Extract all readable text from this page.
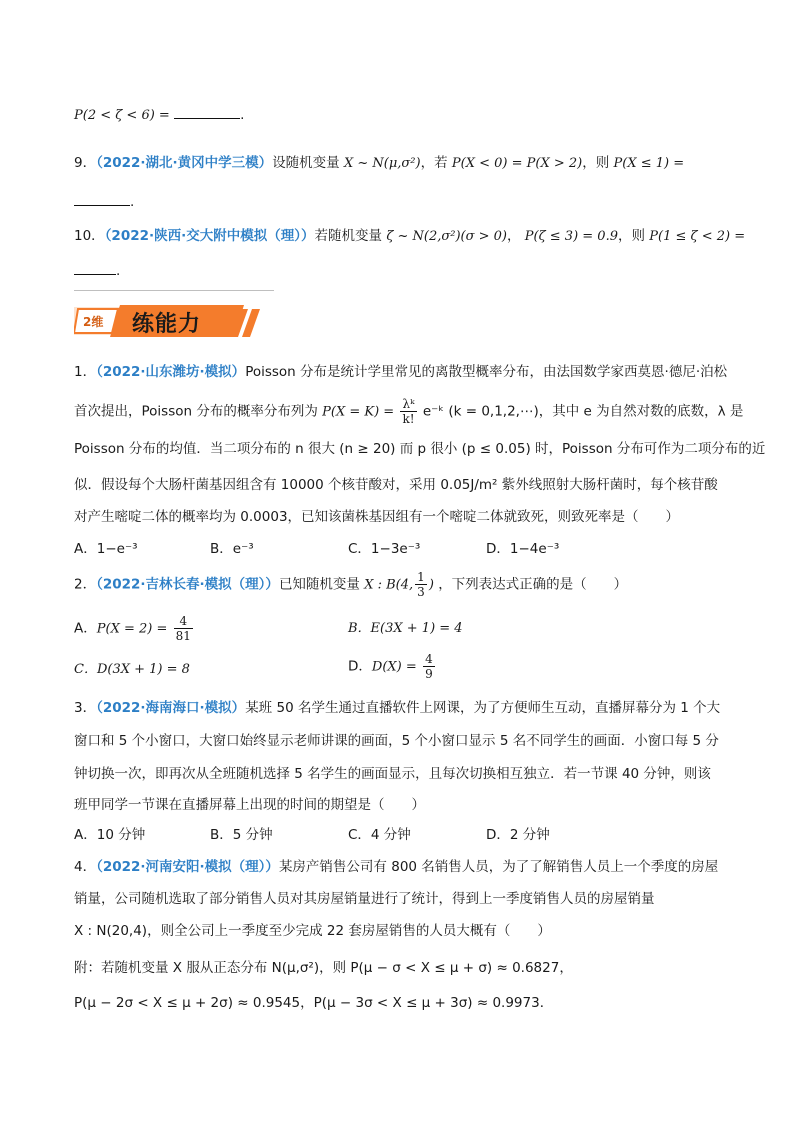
P(2 < ζ < 6) =	.
9．（2022·湖北·黄冈中学三模）设随机变量 X ~ N(μ,σ²)，若 P(X < 0) = P(X > 2)，则 P(X ≤ 1) =
.
10．（2022·陕西·交大附中模拟（理））若随机变量 ζ ~ N(2,σ²)(σ > 0)， P(ζ ≤ 3) = 0.9，则 P(1 ≤ ζ < 2) =
.
2维 练能力
1．（2022·山东潍坊·模拟）Poisson 分布是统计学里常见的离散型概率分布，由法国数学家西莫恩·德尼·泊松
首次提出，Poisson 分布的概率分布列为 $P(X = K) = \frac{\text{λᵏ}}{k!}$ e⁻ᵏ (k = 0,1,2,⋯)，其中 e 为自然对数的底数，λ 是
Poisson 分布的均值．当二项分布的 n 很大 (n ≥ 20) 而 p 很小 (p ≤ 0.05) 时，Poisson 分布可作为二项分布的近
似．假设每个大肠杆菌基因组含有 10000 个核苷酸对，采用 0.05J/m² 紫外线照射大肠杆菌时，每个核苷酸
对产生嘧啶二体的概率均为 0.0003，已知该菌株基因组有一个嘧啶二体就致死，则致死率是（　　）
A．1−e⁻³	B．e⁻³	C．1−3e⁻³	D．1−4e⁻³
2．（2022·吉林长春·模拟（理））已知随机变量 X : B(4, $\frac{1}{3}$ ) ，下列表达式正确的是（　　）
A．$P(X = 2) = \frac{4}{81}$	B．E(3X + 1) = 4
C．D(3X + 1) = 8	D．$D(X) = \frac{4}{9}$
3．（2022·海南海口·模拟）某班 50 名学生通过直播软件上网课，为了方便师生互动，直播屏幕分为 1 个大
窗口和 5 个小窗口，大窗口始终显示老师讲课的画面，5 个小窗口显示 5 名不同学生的画面．小窗口每 5 分
钟切换一次，即再次从全班随机选择 5 名学生的画面显示，且每次切换相互独立．若一节课 40 分钟，则该
班甲同学一节课在直播屏幕上出现的时间的期望是（　　）
A．10 分钟	B．5 分钟	C．4 分钟	D．2 分钟
4．（2022·河南安阳·模拟（理））某房产销售公司有 800 名销售人员，为了了解销售人员上一个季度的房屋
销量，公司随机选取了部分销售人员对其房屋销量进行了统计，得到上一季度销售人员的房屋销量
X : N(20,4)，则全公司上一季度至少完成 22 套房屋销售的人员大概有（　　）
附：若随机变量 X 服从正态分布 N(μ,σ²)，则 P(μ − σ < X ≤ μ + σ) ≈ 0.6827，
P(μ − 2σ < X ≤ μ + 2σ) ≈ 0.9545，P(μ − 3σ < X ≤ μ + 3σ) ≈ 0.9973．
